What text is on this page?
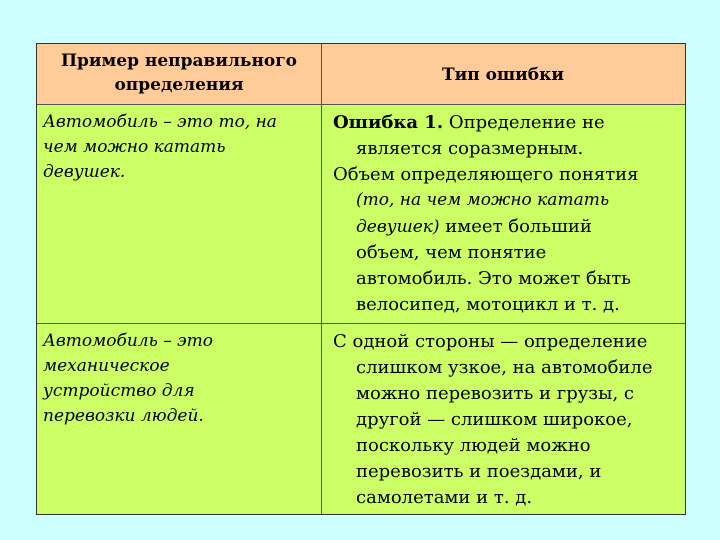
Пример неправильного
определения	Тип ошибки
Автомобиль – это то, на
чем можно катать
девушек.
Ошибка 1. Определение не
является соразмерным.
Объем определяющего понятия
(то, на чем можно катать
девушек) имеет больший
объем, чем понятие
автомобиль. Это может быть
велосипед, мотоцикл и т. д.
Автомобиль – это
механическое
устройство для
перевозки людей.
С одной стороны — определение
слишком узкое, на автомобиле
можно перевозить и грузы, с
другой — слишком широкое,
поскольку людей можно
перевозить и поездами, и
самолетами и т. д.
